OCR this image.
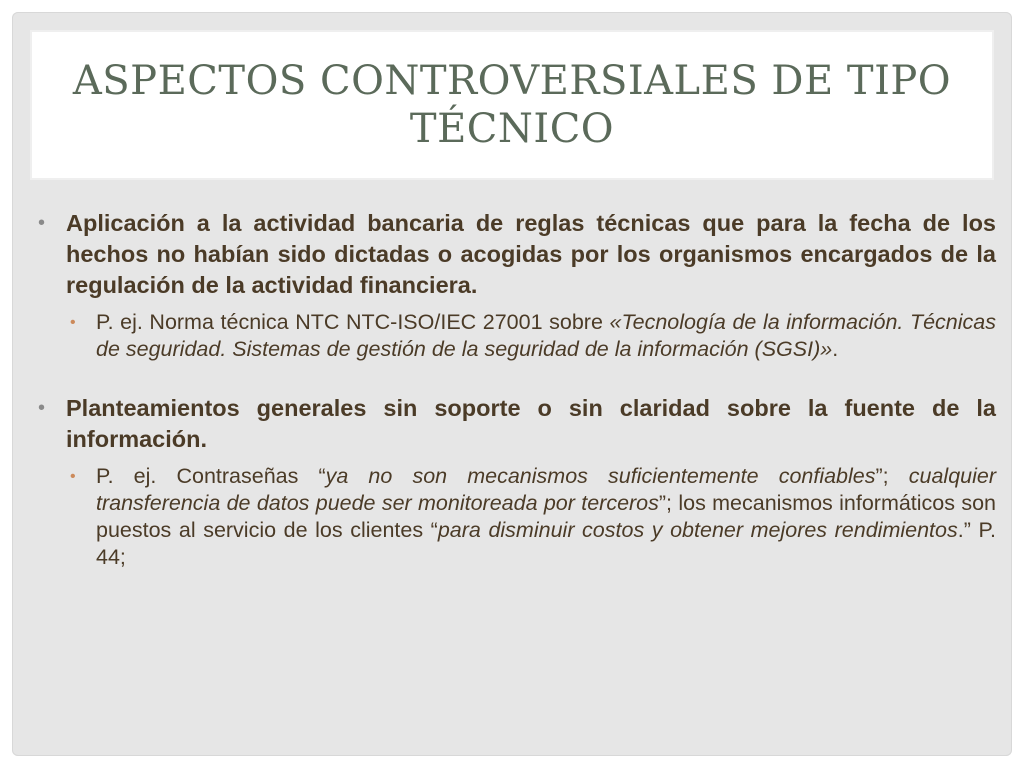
ASPECTOS CONTROVERSIALES DE TIPO TÉCNICO

• Aplicación a la actividad bancaria de reglas técnicas que para la fecha de los hechos no habían sido dictadas o acogidas por los organismos encargados de la regulación de la actividad financiera.

• P. ej. Norma técnica NTC NTC-ISO/IEC 27001 sobre «Tecnología de la información. Técnicas de seguridad. Sistemas de gestión de la seguridad de la información (SGSI)».

• Planteamientos generales sin soporte o sin claridad sobre la fuente de la información.

• P. ej. Contraseñas “ya no son mecanismos suficientemente confiables”; cualquier transferencia de datos puede ser monitoreada por terceros”; los mecanismos informáticos son puestos al servicio de los clientes “para disminuir costos y obtener mejores rendimientos.” P. 44;
